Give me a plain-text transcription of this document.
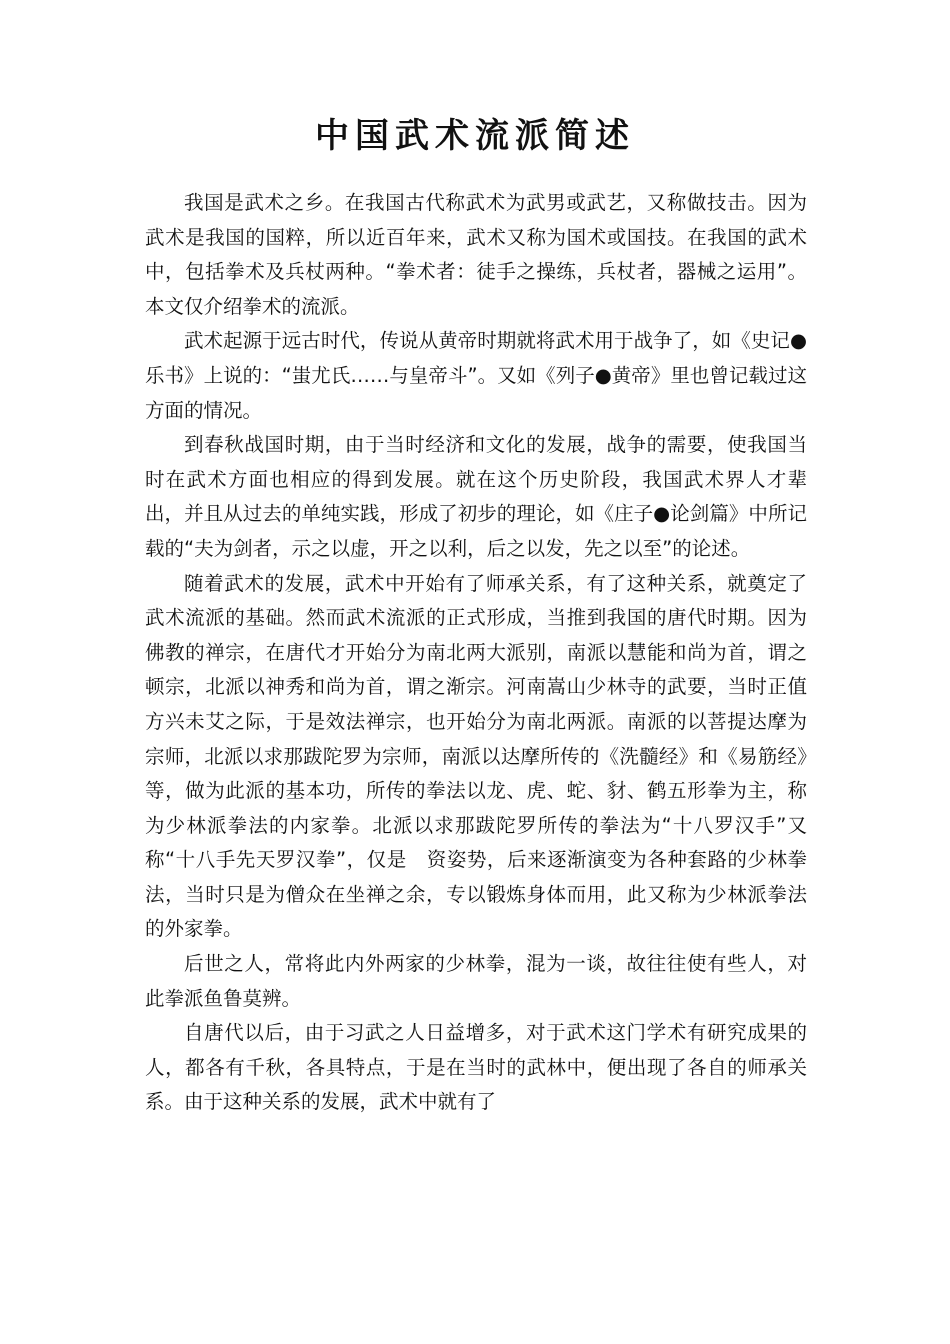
中国武术流派简述

我国是武术之乡。在我国古代称武术为武男或武艺，又称做技击。因为武术是我国的国粹，所以近百年来，武术又称为国术或国技。在我国的武术中，包括拳术及兵杖两种。“拳术者：徒手之操练，兵杖者，器械之运用”。本文仅介绍拳术的流派。

武术起源于远古时代，传说从黄帝时期就将武术用于战争了，如《史记●乐书》上说的：“蚩尤氏……与皇帝斗”。又如《列子●黄帝》里也曾记载过这方面的情况。

到春秋战国时期，由于当时经济和文化的发展，战争的需要，使我国当时在武术方面也相应的得到发展。就在这个历史阶段，我国武术界人才辈出，并且从过去的单纯实践，形成了初步的理论，如《庄子●论剑篇》中所记载的“夫为剑者，示之以虚，开之以利，后之以发，先之以至”的论述。

随着武术的发展，武术中开始有了师承关系，有了这种关系，就奠定了武术流派的基础。然而武术流派的正式形成，当推到我国的唐代时期。因为佛教的禅宗，在唐代才开始分为南北两大派别，南派以慧能和尚为首，谓之顿宗，北派以神秀和尚为首，谓之渐宗。河南嵩山少林寺的武要，当时正值方兴未艾之际，于是效法禅宗，也开始分为南北两派。南派的以菩提达摩为宗师，北派以求那跋陀罗为宗师，南派以达摩所传的《洗髓经》和《易筋经》等，做为此派的基本功，所传的拳法以龙、虎、蛇、豺、鹤五形拳为主，称为少林派拳法的内家拳。北派以求那跋陀罗所传的拳法为“十八罗汉手”又称“十八手先天罗汉拳”，仅是　资姿势，后来逐渐演变为各种套路的少林拳法，当时只是为僧众在坐禅之余，专以锻炼身体而用，此又称为少林派拳法的外家拳。

后世之人，常将此内外两家的少林拳，混为一谈，故往往使有些人，对此拳派鱼鲁莫辨。

自唐代以后，由于习武之人日益增多，对于武术这门学术有研究成果的人，都各有千秋，各具特点，于是在当时的武林中，便出现了各自的师承关系。由于这种关系的发展，武术中就有了
